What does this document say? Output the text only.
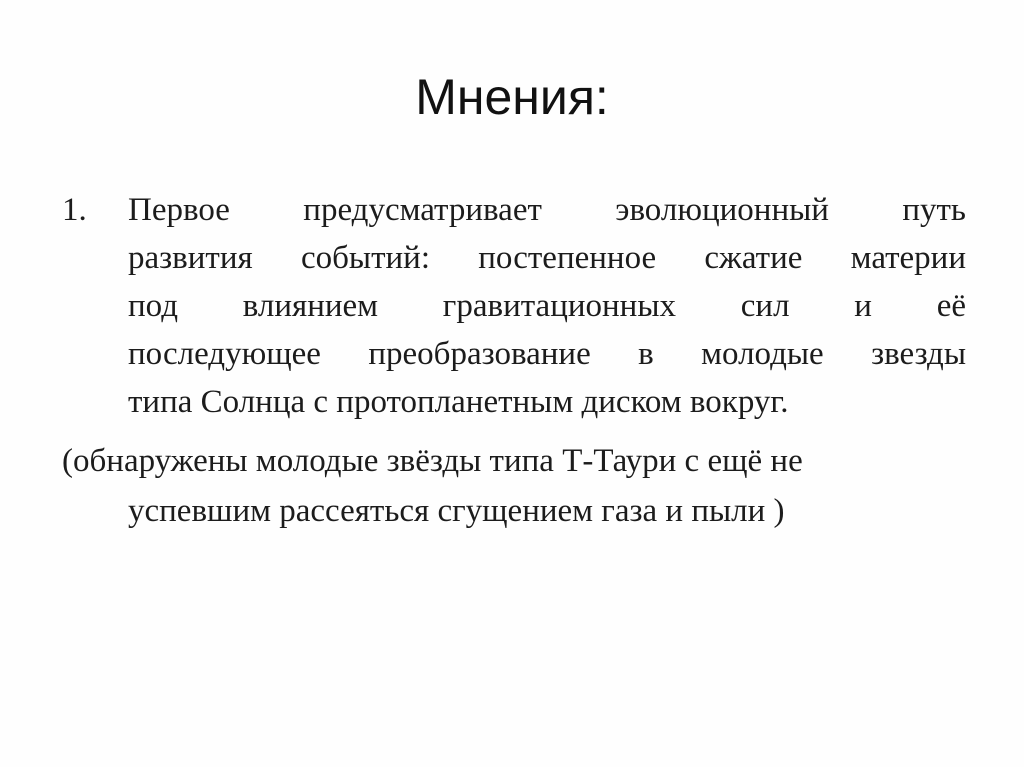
Мнения:
1. Первое предусматривает эволюционный путь
развития событий: постепенное сжатие материи
под влиянием гравитационных сил и её
последующее преобразование в молодые звезды
типа Солнца с протопланетным диском вокруг.
(обнаружены молодые звёзды типа Т-Таури с ещё не
успевшим рассеяться сгущением газа и пыли )
